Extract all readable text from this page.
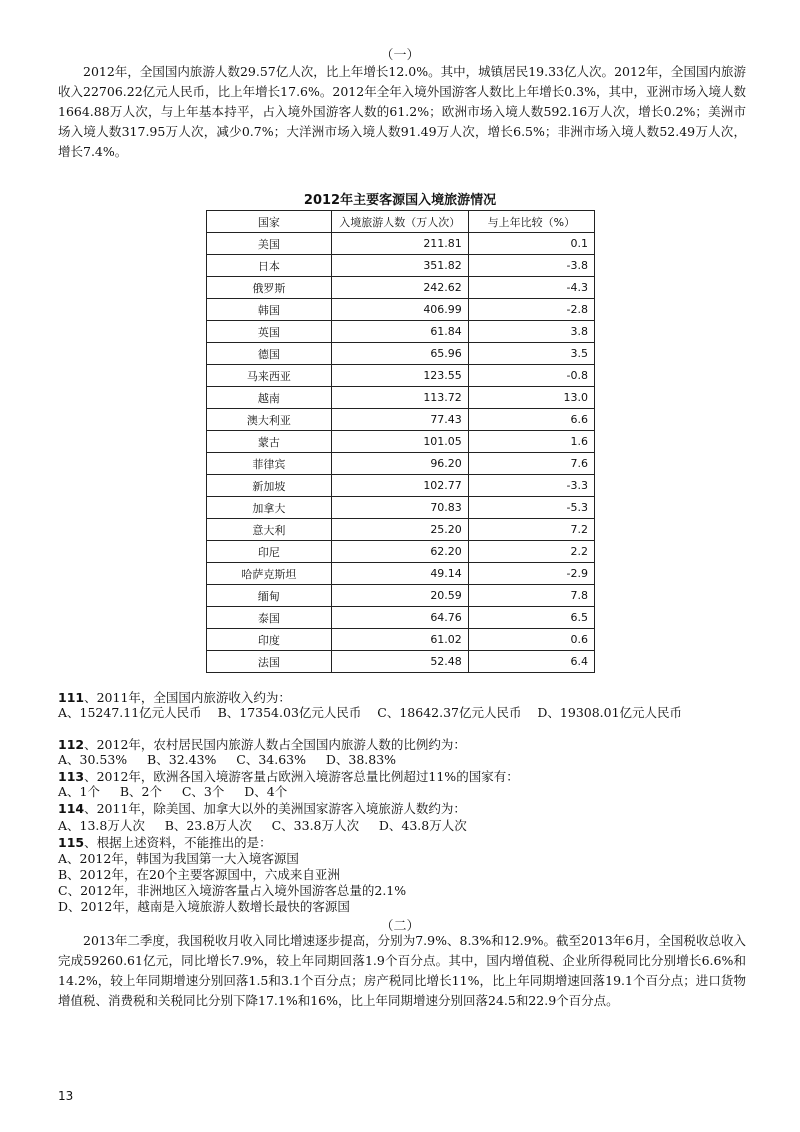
（一）

2012年，全国国内旅游人数29.57亿人次，比上年增长12.0%。其中，城镇居民19.33亿人次。2012年，全国国内旅游收入22706.22亿元人民币，比上年增长17.6%。2012年全年入境外国游客人数比上年增长0.3%，其中，亚洲市场入境人数1664.88万人次，与上年基本持平，占入境外国游客人数的61.2%；欧洲市场入境人数592.16万人次，增长0.2%；美洲市场入境人数317.95万人次，减少0.7%；大洋洲市场入境人数91.49万人次，增长6.5%；非洲市场入境人数52.49万人次，增长7.4%。

2012年主要客源国入境旅游情况
国家	入境旅游人数（万人次）	与上年比较（%）
美国	211.81	0.1
日本	351.82	-3.8
俄罗斯	242.62	-4.3
韩国	406.99	-2.8
英国	61.84	3.8
德国	65.96	3.5
马来西亚	123.55	-0.8
越南	113.72	13.0
澳大利亚	77.43	6.6
蒙古	101.05	1.6
菲律宾	96.20	7.6
新加坡	102.77	-3.3
加拿大	70.83	-5.3
意大利	25.20	7.2
印尼	62.20	2.2
哈萨克斯坦	49.14	-2.9
缅甸	20.59	7.8
泰国	64.76	6.5
印度	61.02	0.6
法国	52.48	6.4
111、2011年，全国国内旅游收入约为：
A、15247.11亿元人民币    B、17354.03亿元人民币    C、18642.37亿元人民币    D、19308.01亿元人民币
112、2012年，农村居民国内旅游人数占全国国内旅游人数的比例约为：
A、30.53%     B、32.43%     C、34.63%     D、38.83%
113、2012年，欧洲各国入境游客量占欧洲入境游客总量比例超过11%的国家有：
A、1个     B、2个     C、3个     D、4个
114、2011年，除美国、加拿大以外的美洲国家游客入境旅游人数约为：
A、13.8万人次     B、23.8万人次     C、33.8万人次     D、43.8万人次
115、根据上述资料，不能推出的是：
A、2012年，韩国为我国第一大入境客源国
B、2012年，在20个主要客源国中，六成来自亚洲
C、2012年，非洲地区入境游客量占入境外国游客总量的2.1%
D、2012年，越南是入境旅游人数增长最快的客源国
（二）

2013年二季度，我国税收月收入同比增速逐步提高，分别为7.9%、8.3%和12.9%。截至2013年6月，全国税收总收入完成59260.61亿元，同比增长7.9%，较上年同期回落1.9个百分点。其中，国内增值税、企业所得税同比分别增长6.6%和14.2%，较上年同期增速分别回落1.5和3.1个百分点；房产税同比增长11%，比上年同期增速回落19.1个百分点；进口货物增值税、消费税和关税同比分别下降17.1%和16%，比上年同期增速分别回落24.5和22.9个百分点。

13
